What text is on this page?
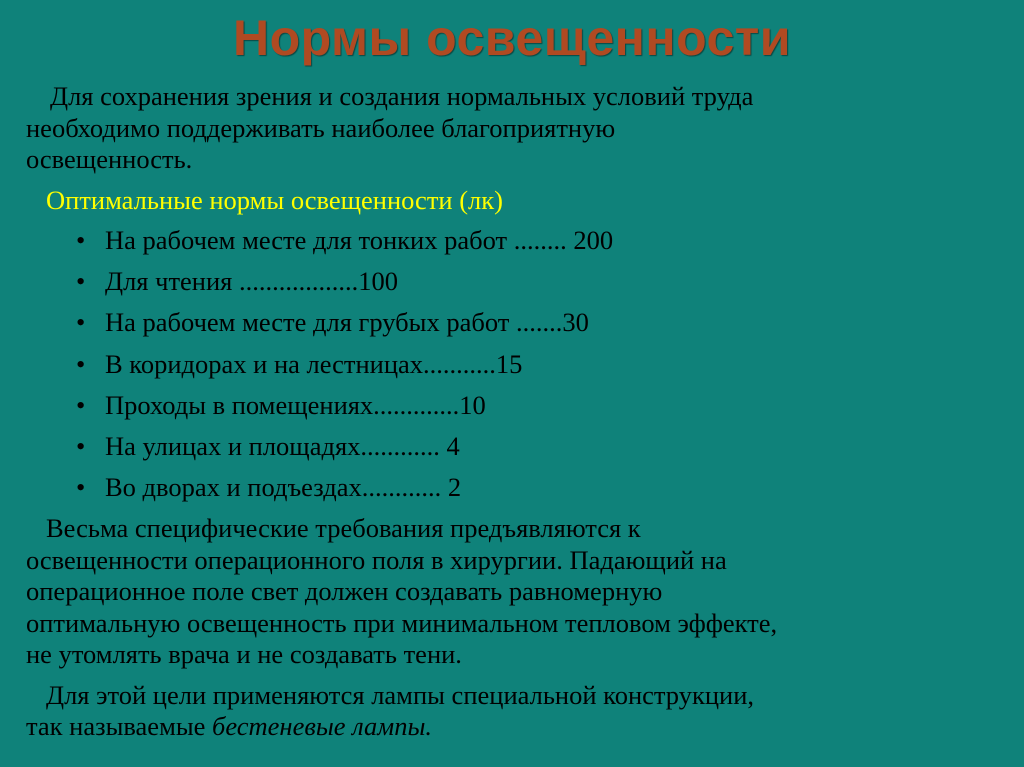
Нормы освещенности
Для сохранения зрения и создания нормальных условий труда
необходимо поддерживать наиболее благоприятную
освещенность.
Оптимальные нормы освещенности (лк)
• На рабочем месте для тонких работ ........ 200
• Для чтения ..................100
• На рабочем месте для грубых работ .......30
• В коридорах и на лестницах...........15
• Проходы в помещениях.............10
• На улицах и площадях............ 4
• Во дворах и подъездах............ 2
Весьма специфические требования предъявляются к
освещенности операционного поля в хирургии. Падающий на
операционное поле свет должен создавать равномерную
оптимальную освещенность при минимальном тепловом эффекте,
не утомлять врача и не создавать тени.
Для этой цели применяются лампы специальной конструкции,
так называемые бестеневые лампы.
